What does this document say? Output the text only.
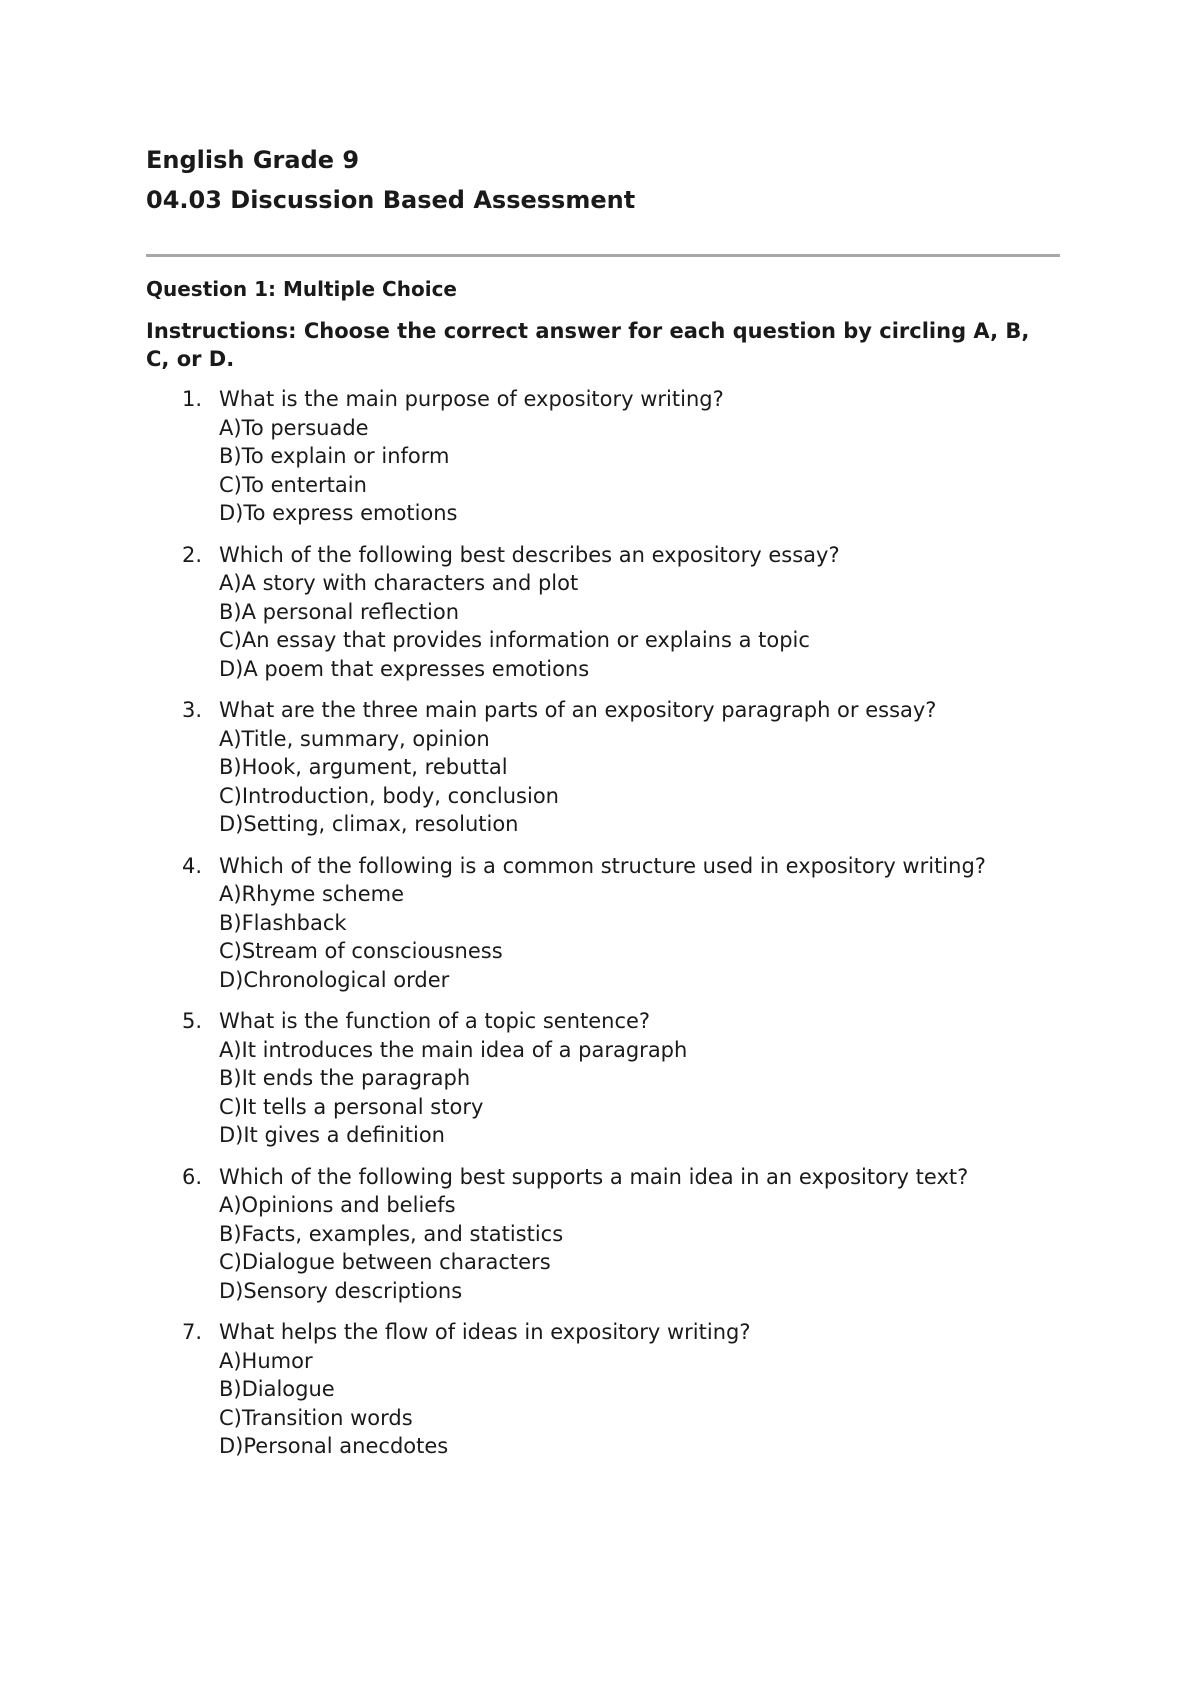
English Grade 9
04.03 Discussion Based Assessment

Question 1: Multiple Choice

Instructions: Choose the correct answer for each question by circling A, B, C, or D.

1. What is the main purpose of expository writing?
A)To persuade
B)To explain or inform
C)To entertain
D)To express emotions
2. Which of the following best describes an expository essay?
A)A story with characters and plot
B)A personal reflection
C)An essay that provides information or explains a topic
D)A poem that expresses emotions
3. What are the three main parts of an expository paragraph or essay?
A)Title, summary, opinion
B)Hook, argument, rebuttal
C)Introduction, body, conclusion
D)Setting, climax, resolution
4. Which of the following is a common structure used in expository writing?
A)Rhyme scheme
B)Flashback
C)Stream of consciousness
D)Chronological order
5. What is the function of a topic sentence?
A)It introduces the main idea of a paragraph
B)It ends the paragraph
C)It tells a personal story
D)It gives a definition
6. Which of the following best supports a main idea in an expository text?
A)Opinions and beliefs
B)Facts, examples, and statistics
C)Dialogue between characters
D)Sensory descriptions
7. What helps the flow of ideas in expository writing?
A)Humor
B)Dialogue
C)Transition words
D)Personal anecdotes
